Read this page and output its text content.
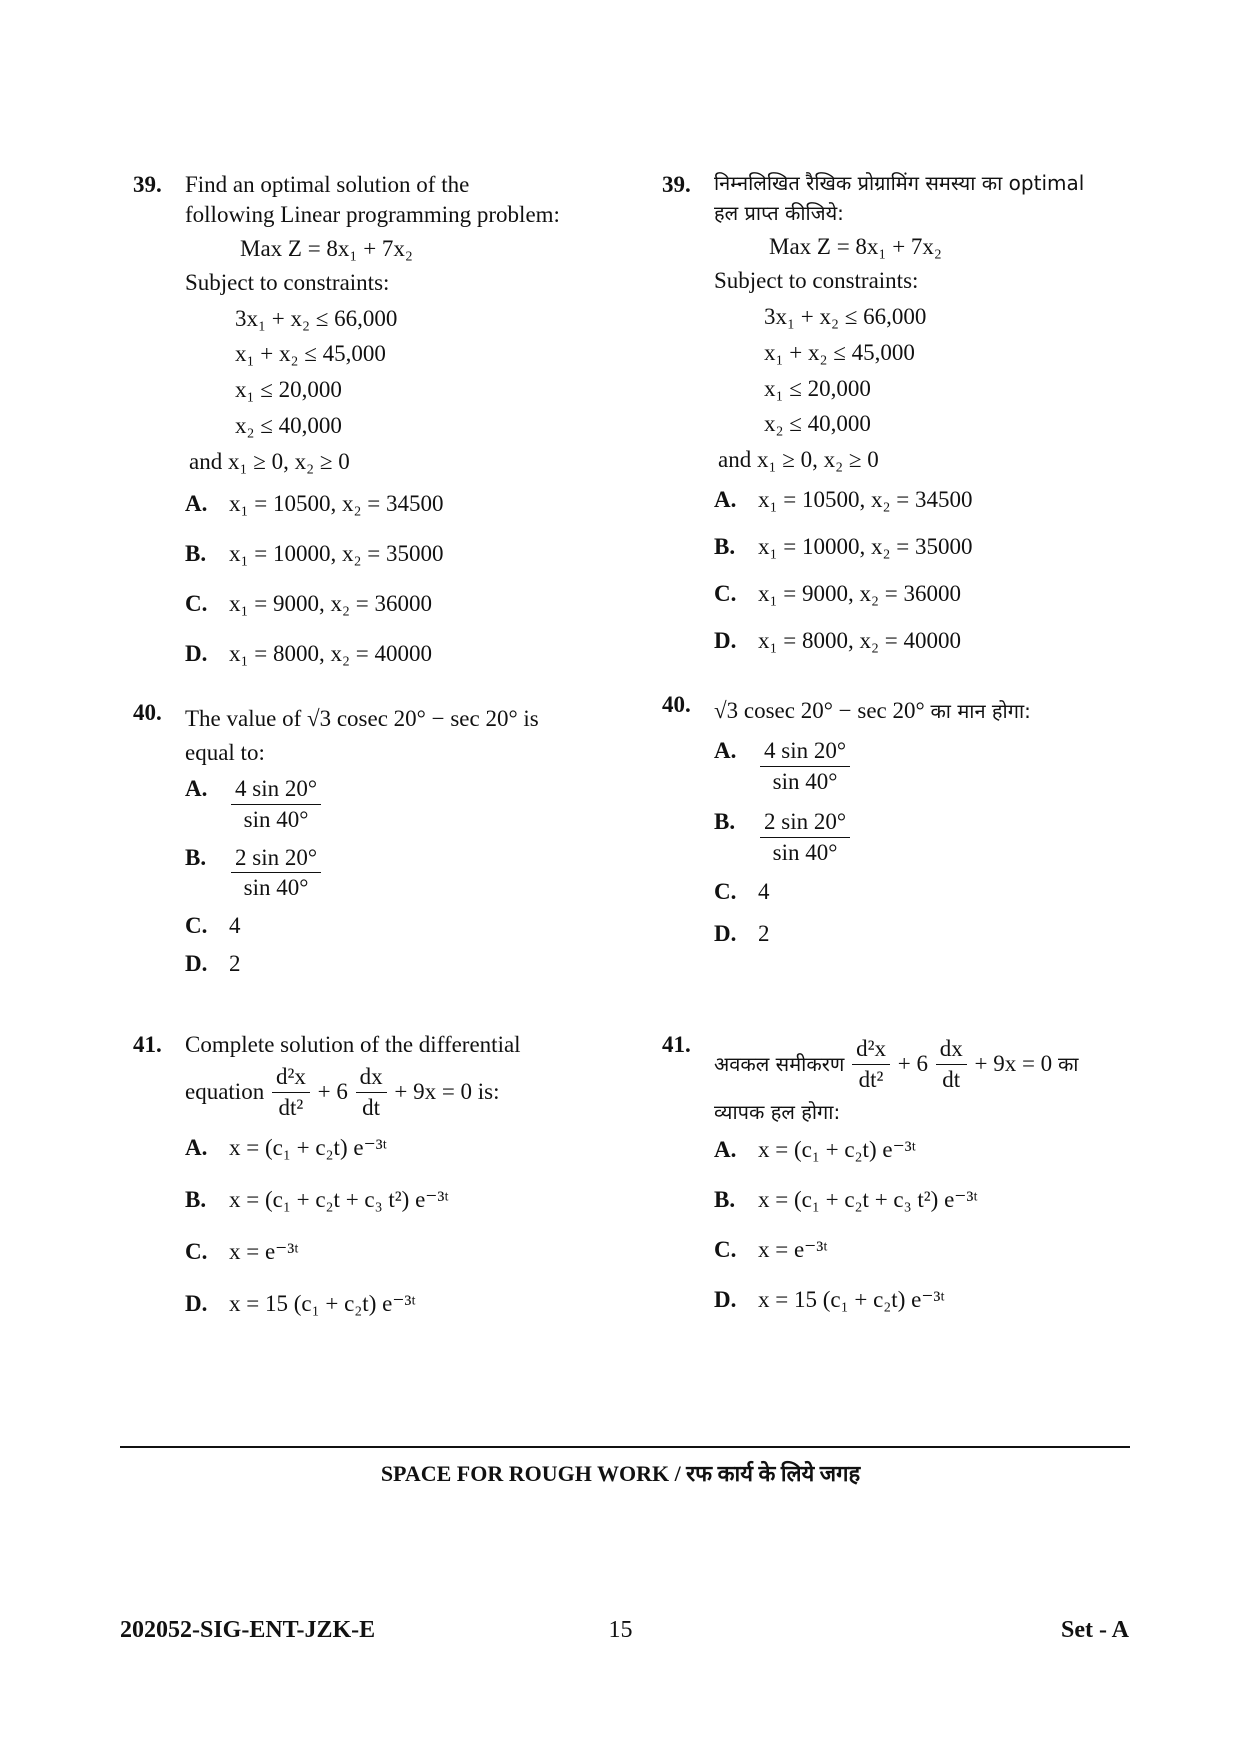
39. Find an optimal solution of the

following Linear programming problem:

Max Z = 8x₁ + 7x₂

Subject to constraints:

3x₁ + x₂ ≤ 66,000

x₁ + x₂ ≤ 45,000

x₁ ≤ 20,000

x₂ ≤ 40,000

and x₁ ≥ 0, x₂ ≥ 0

A. x₁ = 10500, x₂ = 34500
B. x₁ = 10000, x₂ = 35000
C. x₁ = 9000, x₂ = 36000
D. x₁ = 8000, x₂ = 40000
40. The value of √3 cosec 20° − sec 20° is

equal to:

A.	$\frac{4 \sin 20^\circ}{\sin 40^\circ}$
B.	$\frac{2 \sin 20^\circ}{\sin 40^\circ}$
C. 4
D. 2
41. Complete solution of the differential

equation $\frac{\text{d²x}}{\text{dt²}} + 6 \frac{dx}{dt} + 9x = 0$ is:

A. x = (c₁ + c₂t) e⁻³ᵗ
B. x = (c₁ + c₂t + c₃ t²) e⁻³ᵗ
C. x = e⁻³ᵗ
D. x = 15 (c₁ + c₂t) e⁻³ᵗ
39. निम्नलिखित रैखिक प्रोग्रामिंग समस्या का optimal

हल प्राप्त कीजिये:

Max Z = 8x₁ + 7x₂

Subject to constraints:

3x₁ + x₂ ≤ 66,000

x₁ + x₂ ≤ 45,000

x₁ ≤ 20,000

x₂ ≤ 40,000

and x₁ ≥ 0, x₂ ≥ 0

A. x₁ = 10500, x₂ = 34500
B. x₁ = 10000, x₂ = 35000
C. x₁ = 9000, x₂ = 36000
D. x₁ = 8000, x₂ = 40000
40. √3 cosec 20° − sec 20° का मान होगा:

A.	$\frac{4 \sin 20^\circ}{\sin 40^\circ}$
B.	$\frac{2 \sin 20^\circ}{\sin 40^\circ}$
C. 4
D. 2
41.

अवकल समीकरण $\frac{\text{d²x}}{\text{dt²}} + 6 \frac{dx}{dt} + 9x = 0$ का

व्यापक हल होगा:

A. x = (c₁ + c₂t) e⁻³ᵗ
B. x = (c₁ + c₂t + c₃ t²) e⁻³ᵗ
C. x = e⁻³ᵗ
D. x = 15 (c₁ + c₂t) e⁻³ᵗ
SPACE FOR ROUGH WORK / रफ कार्य के लिये जगह
202052-SIG-ENT-JZK-E	15	Set - A
